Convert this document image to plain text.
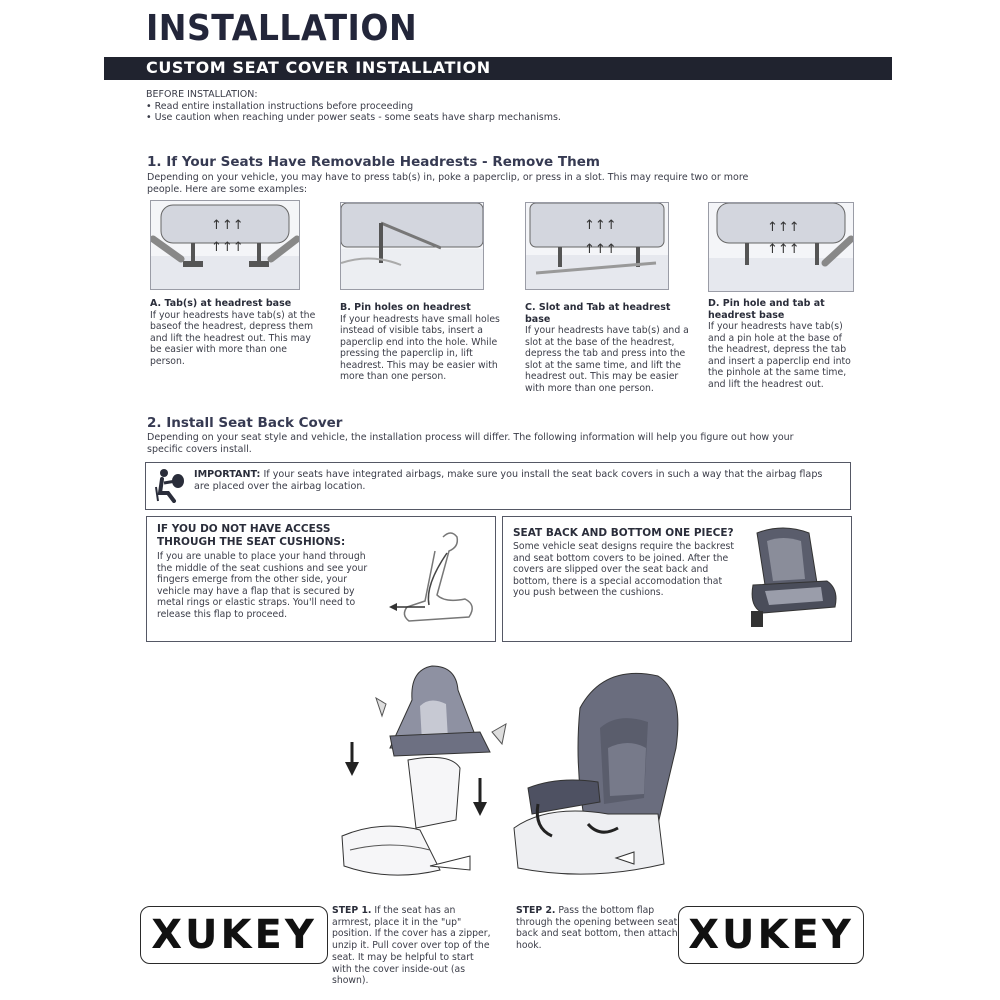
INSTALLATION
CUSTOM SEAT COVER INSTALLATION
BEFORE INSTALLATION:
• Read entire installation instructions before proceeding
• Use caution when reaching under power seats - some seats have sharp mechanisms.
1. If Your Seats Have Removable Headrests - Remove Them
Depending on your vehicle, you may have to press tab(s) in, poke a paperclip, or press in a slot. This may require two or more people. Here are some examples:
↑↑↑
↑↑↑
↑↑↑
↑↑↑
↑↑↑
↑↑↑
A. Tab(s) at headrest base
If your headrests have tab(s) at the baseof the headrest, depress them and lift the headrest out. This may be easier with more than one person.
B. Pin holes on headrest
If your headrests have small holes instead of visible tabs, insert a paperclip end into the hole. While pressing the paperclip in, lift headrest. This may be easier with more than one person.
C. Slot and Tab at headrest base
If your headrests have tab(s) and a slot at the base of the headrest, depress the tab and press into the slot at the same time, and lift the headrest out. This may be easier with more than one person.
D. Pin hole and tab at headrest base
If your headrests have tab(s) and a pin hole at the base of the headrest, depress the tab and insert a paperclip end into the pinhole at the same time, and lift the headrest out.
2. Install Seat Back Cover
Depending on your seat style and vehicle, the installation process will differ. The following information will help you figure out how your specific covers install.
IMPORTANT: If your seats have integrated airbags, make sure you install the seat back covers in such a way that the airbag flaps are placed over the airbag location.
IF YOU DO NOT HAVE ACCESS THROUGH THE SEAT CUSHIONS:
If you are unable to place your hand through the middle of the seat cushions and see your fingers emerge from the other side, your vehicle may have a flap that is secured by metal rings or elastic straps. You'll need to release this flap to proceed.
SEAT BACK AND BOTTOM ONE PIECE?
Some vehicle seat designs require the backrest and seat bottom covers to be joined. After the covers are slipped over the seat back and bottom, there is a special accomodation that you push between the cushions.
STEP 1. If the seat has an armrest, place it in the "up" position. If the cover has a zipper, unzip it. Pull cover over top of the seat. It may be helpful to start with the cover inside-out (as shown).
STEP 2. Pass the bottom flap through the opening between seat back and seat bottom, then attach hook.
XUKEY	XUKEY
